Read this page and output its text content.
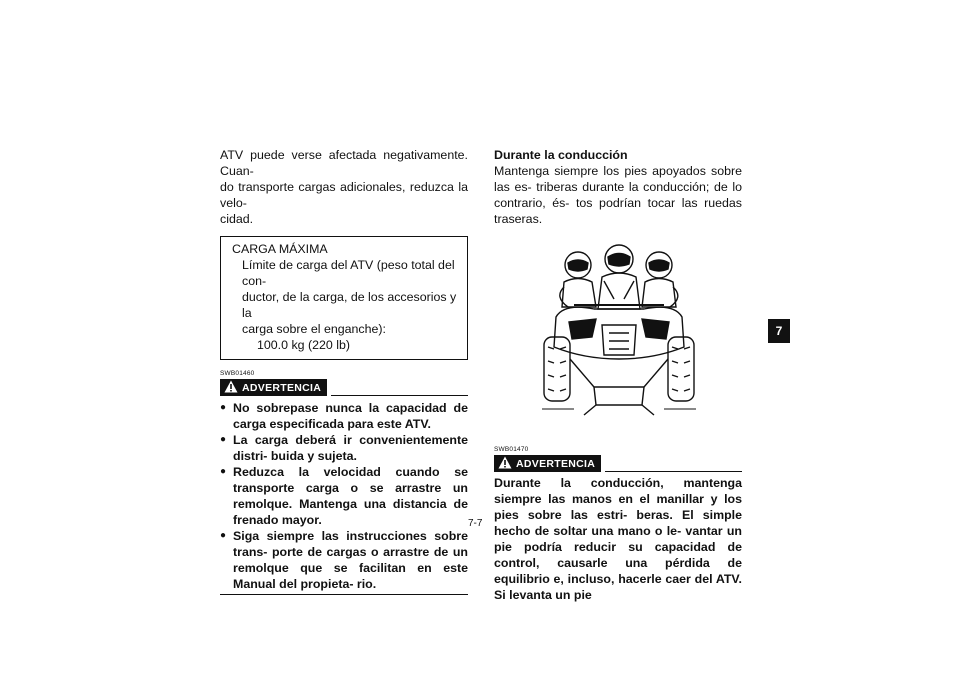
ATV puede verse afectada negativamente. Cuan-
do transporte cargas adicionales, reduzca la velo-
cidad.

CARGA MÁXIMA
Límite de carga del ATV (peso total del con-
ductor, de la carga, de los accesorios y la
carga sobre el enganche):
100.0 kg (220 lb)
SWB01460
ADVERTENCIA
● No sobrepase nunca la capacidad de carga especificada para este ATV.
● La carga deberá ir convenientemente distri- buida y sujeta.
● Reduzca la velocidad cuando se transporte carga o se arrastre un remolque. Mantenga una distancia de frenado mayor.
● Siga siempre las instrucciones sobre trans- porte de cargas o arrastre de un remolque que se facilitan en este Manual del propieta- rio.
Durante la conducción

Mantenga siempre los pies apoyados sobre las es- triberas durante la conducción; de lo contrario, és- tos podrían tocar las ruedas traseras.

SWB01470
ADVERTENCIA

Durante la conducción, mantenga siempre las manos en el manillar y los pies sobre las estri- beras. El simple hecho de soltar una mano o le- vantar un pie podría reducir su capacidad de control, causarle una pérdida de equilibrio e, incluso, hacerle caer del ATV. Si levanta un pie

7-7
7
